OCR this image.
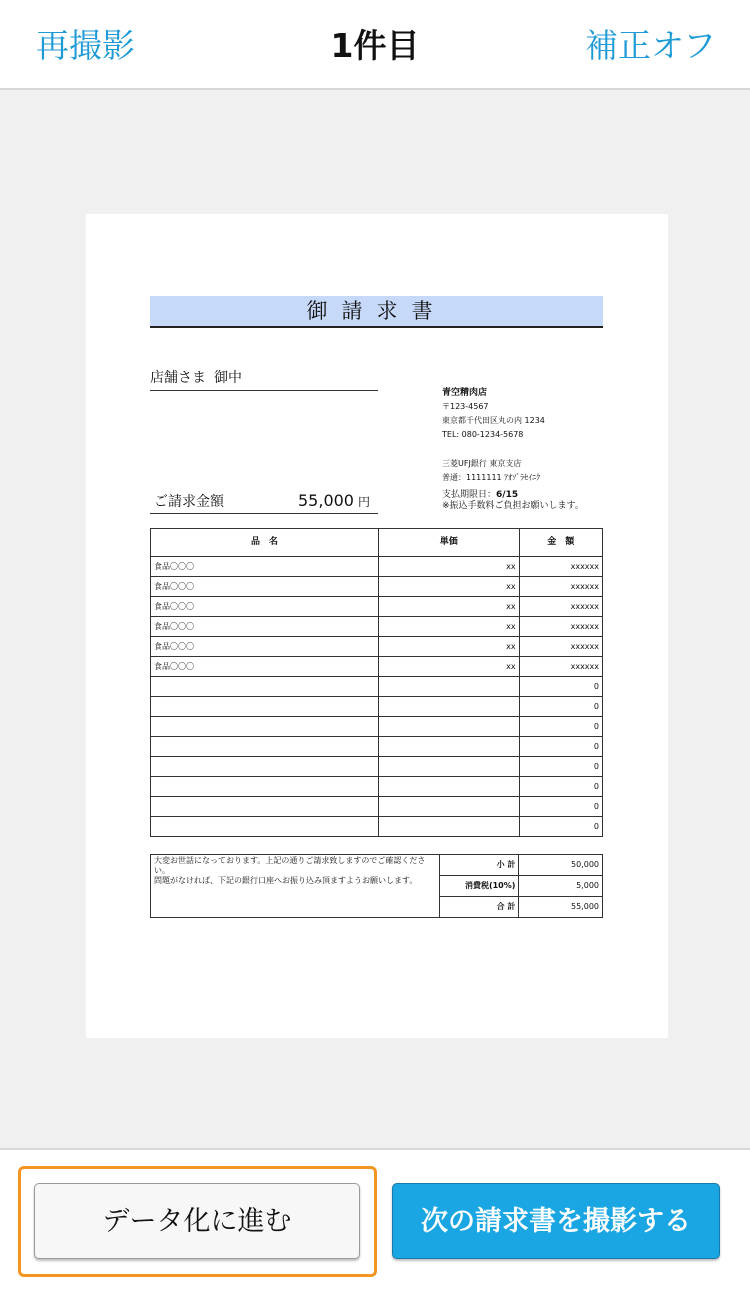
再撮影	1件目	補正オフ
御請求書
店舗さま 御中
青空精肉店
〒123-4567
東京都千代田区丸の内 1234
TEL: 080-1234-5678
三菱UFJ銀行 東京支店
普通：1111111 ｱｵｿﾞﾗｾｲﾆｸ
支払期限日：6/15
※振込手数料ご負担お願いします。
ご請求金額	55,000 円
品　名	単価	金　額
食品〇〇〇	xx	xxxxxx
食品〇〇〇	xx	xxxxxx
食品〇〇〇	xx	xxxxxx
食品〇〇〇	xx	xxxxxx
食品〇〇〇	xx	xxxxxx
食品〇〇〇	xx	xxxxxx
		0
		0
		0
		0
		0
		0
		0
		0
大変お世話になっております。上記の通りご請求致しますのでご確認ください。
問題がなければ、下記の銀行口座へお振り込み頂ますようお願いします。	小 計	50,000
	消費税(10%)	5,000
	合 計	55,000
データ化に進む	次の請求書を撮影する
